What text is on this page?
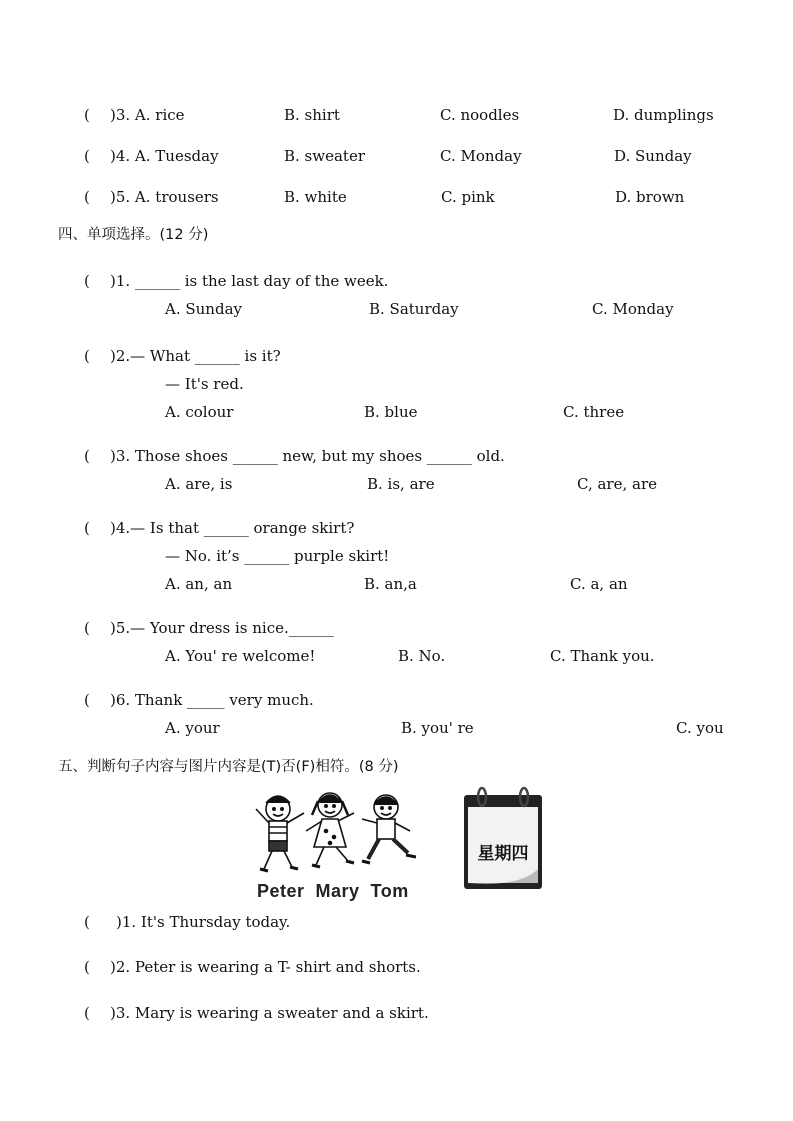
( )3. A. rice	B. shirt	C. noodles	D. dumplings
( )4. A. Tuesday	B. sweater	C. Monday	D. Sunday
( )5. A. trousers	B. white	C. pink	D. brown
四、单项选择。(12 分)
( )1. ______ is the last day of the week.
A. Sunday	B. Saturday	C. Monday
( )2.— What ______ is it?
— It's red.
A. colour	B. blue	C. three
( )3. Those shoes ______ new, but my shoes ______ old.
A. are, is	B. is, are	C, are, are
( )4.— Is that ______ orange skirt?
— No. it’s ______ purple skirt!
A. an, an	B. an,a	C. a, an
( )5.— Your dress is nice.______
A. You' re welcome!	B. No.	C. Thank you.
( )6. Thank _____ very much.
A. your	B. you' re	C. you
五、判断句子内容与图片内容是(T)否(F)相符。(8 分)
Peter  Mary  Tom
星期四
( )1. It's Thursday today.
( )2. Peter is wearing a T- shirt and shorts.
( )3. Mary is wearing a sweater and a skirt.
